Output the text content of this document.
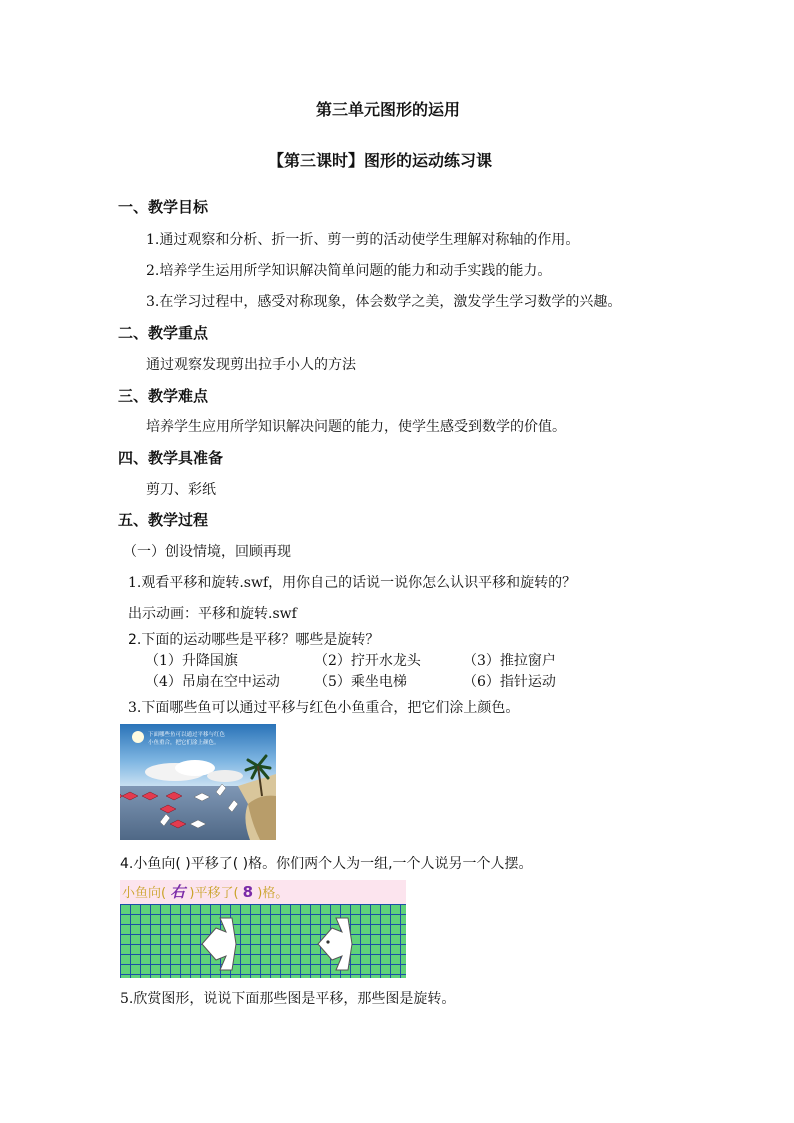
第三单元图形的运用
【第三课时】图形的运动练习课
一、教学目标
1.通过观察和分析、折一折、剪一剪的活动使学生理解对称轴的作用。
2.培养学生运用所学知识解决简单问题的能力和动手实践的能力。
3.在学习过程中，感受对称现象，体会数学之美，激发学生学习数学的兴趣。
二、教学重点
通过观察发现剪出拉手小人的方法
三、教学难点
培养学生应用所学知识解决问题的能力，使学生感受到数学的价值。
四、教学具准备
剪刀、彩纸
五、教学过程
（一）创设情境，回顾再现
1.观看平移和旋转.swf，用你自己的话说一说你怎么认识平移和旋转的？
出示动画：平移和旋转.swf
2.下面的运动哪些是平移？哪些是旋转？
（1）升降国旗	（2）拧开水龙头	（3）推拉窗户
（4）吊扇在空中运动 （5）乘坐电梯	（6）指针运动
3.下面哪些鱼可以通过平移与红色小鱼重合，把它们涂上颜色。
下面哪些鱼可以通过平移与红色
小鱼重合，把它们涂上颜色。
4.小鱼向( )平移了( )格。你们两个人为一组,一个人说另一个人摆。
小鱼向( 右 )平移了( 8 )格。
5.欣赏图形，说说下面那些图是平移，那些图是旋转。
